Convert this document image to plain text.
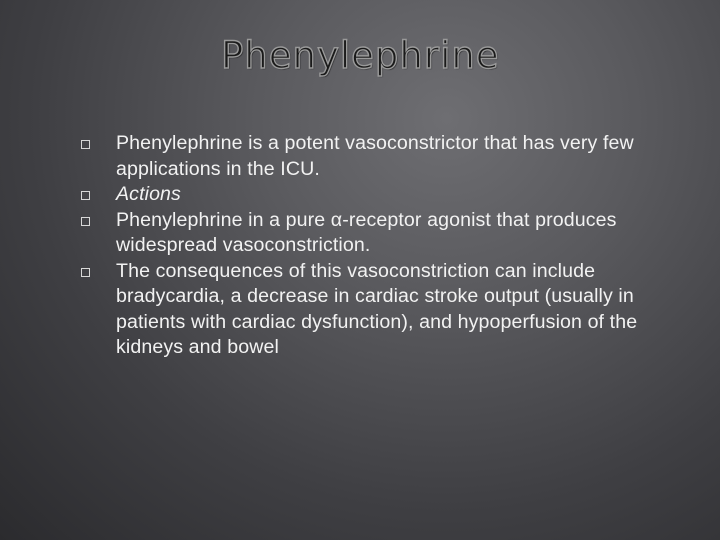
Phenylephrine
Phenylephrine is a potent vasoconstrictor that has very few applications in the ICU.
Actions
Phenylephrine in a pure α-receptor agonist that produces widespread vasoconstriction.
The consequences of this vasoconstriction can include bradycardia, a decrease in cardiac stroke output (usually in patients with cardiac dysfunction), and hypoperfusion of the kidneys and bowel
